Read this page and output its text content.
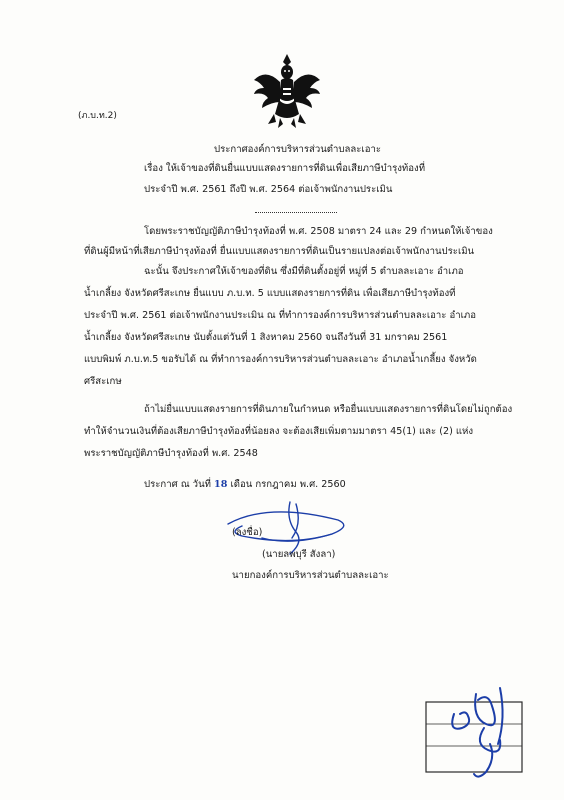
(ภ.บ.ท.2)
ประกาศองค์การบริหารส่วนตำบลละเอาะ
เรื่อง ให้เจ้าของที่ดินยื่นแบบแสดงรายการที่ดินเพื่อเสียภาษีบำรุงท้องที่
ประจำปี พ.ศ. 2561 ถึงปี พ.ศ. 2564 ต่อเจ้าพนักงานประเมิน
โดยพระราชบัญญัติภาษีบำรุงท้องที่ พ.ศ. 2508 มาตรา 24 และ 29 กำหนดให้เจ้าของ
ที่ดินผู้มีหน้าที่เสียภาษีบำรุงท้องที่ ยื่นแบบแสดงรายการที่ดินเป็นรายแปลงต่อเจ้าพนักงานประเมิน
ฉะนั้น จึงประกาศให้เจ้าของที่ดิน ซึ่งมีที่ดินตั้งอยู่ที่ หมู่ที่ 5 ตำบลละเอาะ อำเภอ
น้ำเกลี้ยง จังหวัดศรีสะเกษ ยื่นแบบ ภ.บ.ท. 5 แบบแสดงรายการที่ดิน เพื่อเสียภาษีบำรุงท้องที่
ประจำปี พ.ศ. 2561 ต่อเจ้าพนักงานประเมิน ณ ที่ทำการองค์การบริหารส่วนตำบลละเอาะ อำเภอ
น้ำเกลี้ยง จังหวัดศรีสะเกษ นับตั้งแต่วันที่ 1 สิงหาคม 2560 จนถึงวันที่ 31 มกราคม 2561
แบบพิมพ์ ภ.บ.ท.5 ขอรับได้ ณ ที่ทำการองค์การบริหารส่วนตำบลละเอาะ อำเภอน้ำเกลี้ยง จังหวัด
ศรีสะเกษ
ถ้าไม่ยื่นแบบแสดงรายการที่ดินภายในกำหนด หรือยื่นแบบแสดงรายการที่ดินโดยไม่ถูกต้อง
ทำให้จำนวนเงินที่ต้องเสียภาษีบำรุงท้องที่น้อยลง จะต้องเสียเพิ่มตามมาตรา 45(1) และ (2) แห่ง
พระราชบัญญัติภาษีบำรุงท้องที่ พ.ศ. 2548
ประกาศ ณ วันที่ 18 เดือน กรกฎาคม พ.ศ. 2560
(ลงชื่อ)
(นายลพบุรี สังลา)
นายกองค์การบริหารส่วนตำบลละเอาะ
